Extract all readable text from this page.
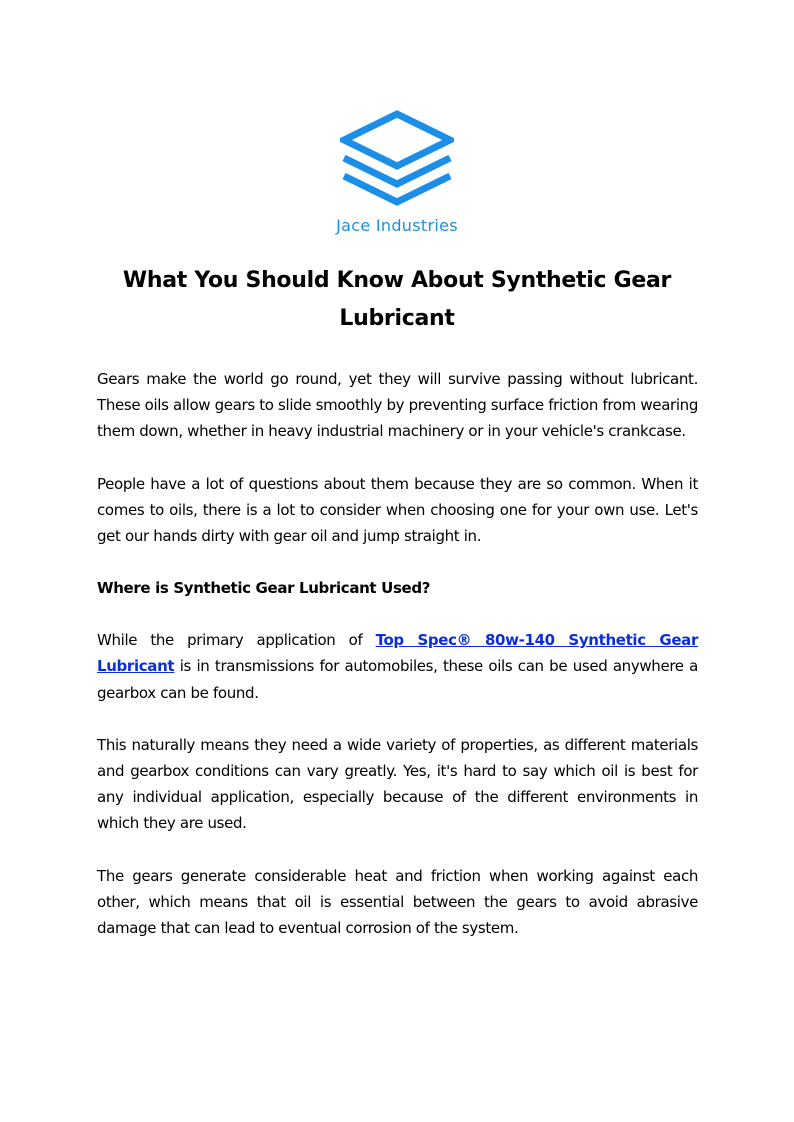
Jace Industries
What You Should Know About Synthetic Gear Lubricant

Gears make the world go round, yet they will survive passing without lubricant. These oils allow gears to slide smoothly by preventing surface friction from wearing them down, whether in heavy industrial machinery or in your vehicle's crankcase.

People have a lot of questions about them because they are so common. When it comes to oils, there is a lot to consider when choosing one for your own use. Let's get our hands dirty with gear oil and jump straight in.

Where is Synthetic Gear Lubricant Used?

While the primary application of Top Spec® 80w-140 Synthetic Gear Lubricant is in transmissions for automobiles, these oils can be used anywhere a gearbox can be found.

This naturally means they need a wide variety of properties, as different materials and gearbox conditions can vary greatly. Yes, it's hard to say which oil is best for any individual application, especially because of the different environments in which they are used.

The gears generate considerable heat and friction when working against each other, which means that oil is essential between the gears to avoid abrasive damage that can lead to eventual corrosion of the system.
